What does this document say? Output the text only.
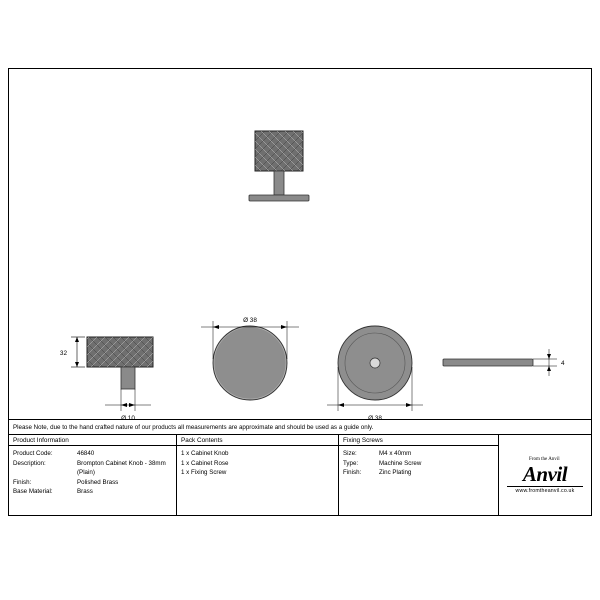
32
Ø 10
Ø 38
Ø 38
4
Please Note, due to the hand crafted nature of our products all measurements are approximate and should be used as a guide only.
Product Information
Product Code:	46840
Description:	Brompton Cabinet Knob - 38mm
(Plain)
Finish:	Polished Brass
Base Material:	Brass
Pack Contents
1 x Cabinet Knob
1 x Cabinet Rose
1 x Fixing Screw
Fixing Screws
Size:	M4 x 40mm
Type:	Machine Screw
Finish:	Zinc Plating
From the Anvil
Anvil
www.fromtheanvil.co.uk
